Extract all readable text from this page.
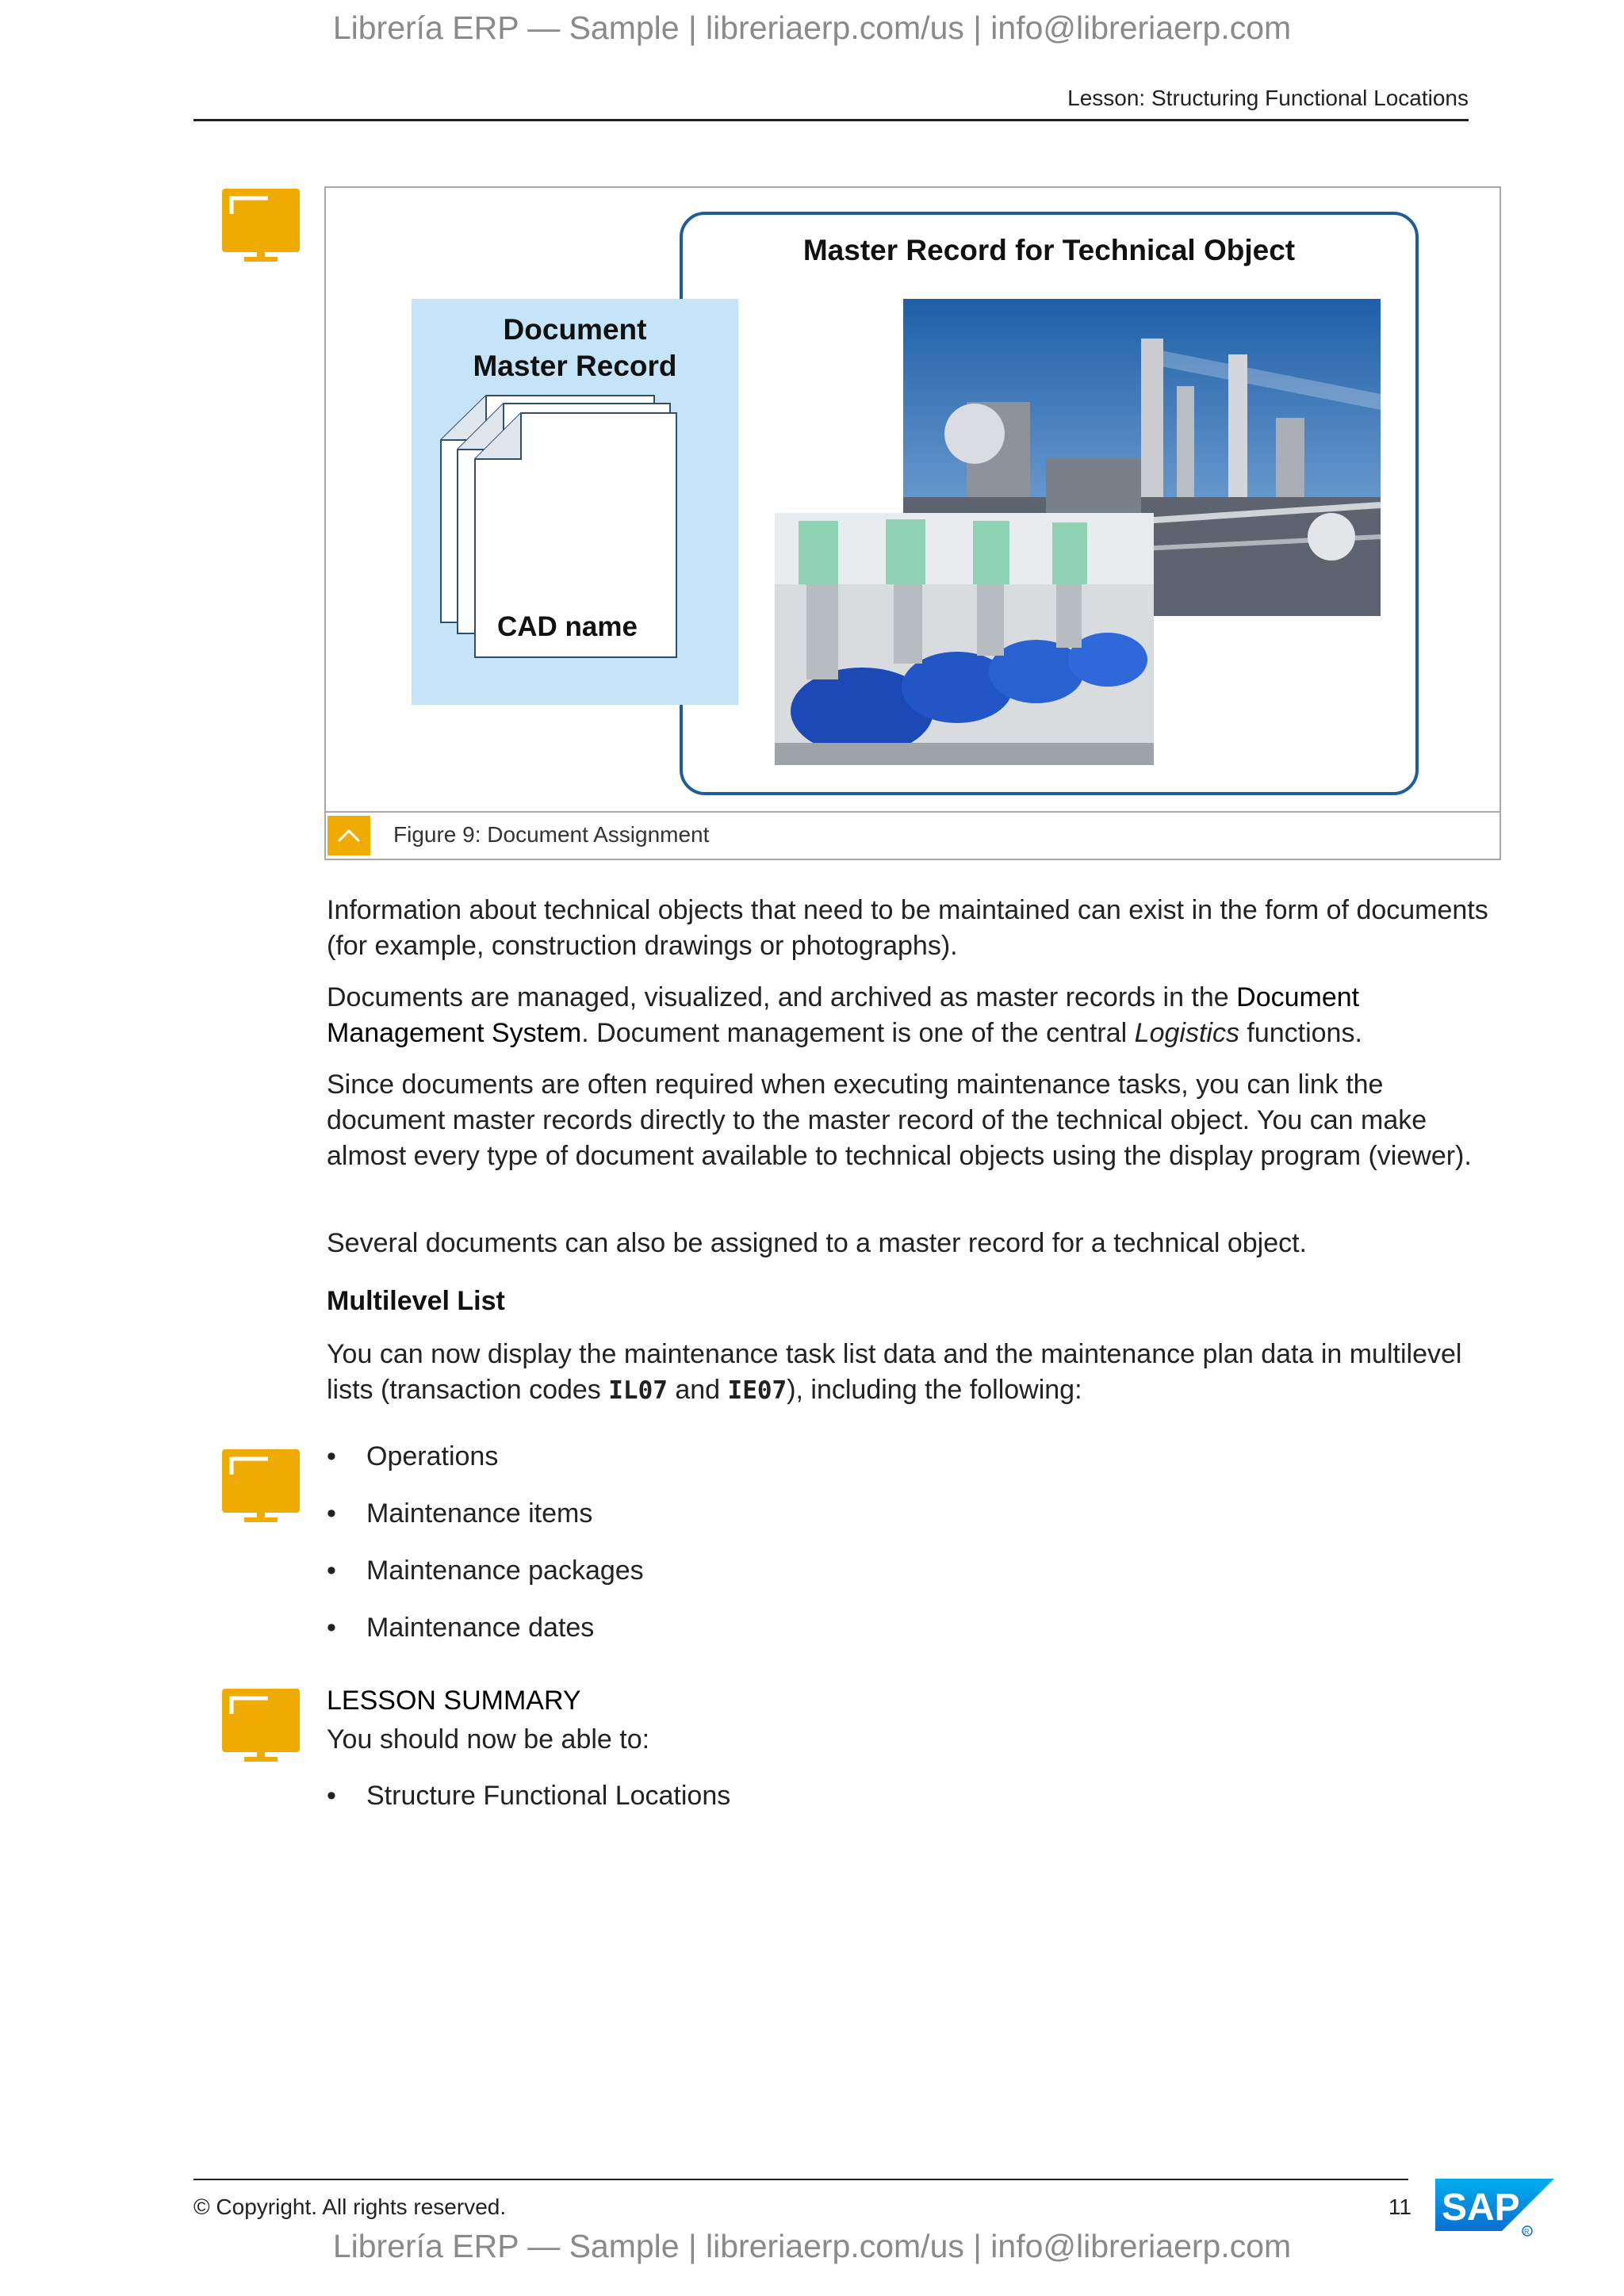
Librería ERP — Sample | libreriaerp.com/us | info@libreriaerp.com
Lesson: Structuring Functional Locations
Master Record for Technical Object
Document
Master Record
CAD name
Figure 9: Document Assignment
Information about technical objects that need to be maintained can exist in the form of documents (for example, construction drawings or photographs).
Documents are managed, visualized, and archived as master records in the Document Management System. Document management is one of the central Logistics functions.
Since documents are often required when executing maintenance tasks, you can link the document master records directly to the master record of the technical object. You can make almost every type of document available to technical objects using the display program (viewer).
Several documents can also be assigned to a master record for a technical object.
Multilevel List
You can now display the maintenance task list data and the maintenance plan data in multilevel lists (transaction codes IL07 and IE07), including the following:
• Operations
• Maintenance items
• Maintenance packages
• Maintenance dates
LESSON SUMMARY
You should now be able to:
• Structure Functional Locations
© Copyright. All rights reserved.	11 SAP
R
Librería ERP — Sample | libreriaerp.com/us | info@libreriaerp.com
